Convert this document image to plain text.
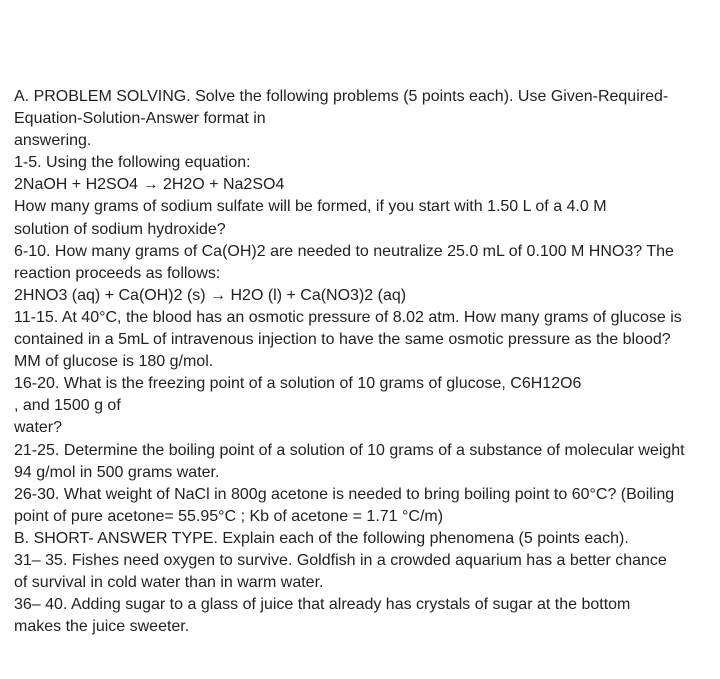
A. PROBLEM SOLVING. Solve the following problems (5 points each). Use Given-Required-
Equation-Solution-Answer format in
answering.
1-5. Using the following equation:
2NaOH + H2SO4 → 2H2O + Na2SO4
How many grams of sodium sulfate will be formed, if you start with 1.50 L of a 4.0 M
solution of sodium hydroxide?
6-10. How many grams of Ca(OH)2 are needed to neutralize 25.0 mL of 0.100 M HNO3? The
reaction proceeds as follows:
2HNO3 (aq) + Ca(OH)2 (s) → H2O (l) + Ca(NO3)2 (aq)
11-15. At 40°C, the blood has an osmotic pressure of 8.02 atm. How many grams of glucose is
contained in a 5mL of intravenous injection to have the same osmotic pressure as the blood?
MM of glucose is 180 g/mol.
16-20. What is the freezing point of a solution of 10 grams of glucose, C6H12O6
, and 1500 g of
water?
21-25. Determine the boiling point of a solution of 10 grams of a substance of molecular weight
94 g/mol in 500 grams water.
26-30. What weight of NaCl in 800g acetone is needed to bring boiling point to 60°C? (Boiling
point of pure acetone= 55.95°C ; Kb of acetone = 1.71 °C/m)
B. SHORT- ANSWER TYPE. Explain each of the following phenomena (5 points each).
31– 35. Fishes need oxygen to survive. Goldfish in a crowded aquarium has a better chance
of survival in cold water than in warm water.
36– 40. Adding sugar to a glass of juice that already has crystals of sugar at the bottom
makes the juice sweeter.
